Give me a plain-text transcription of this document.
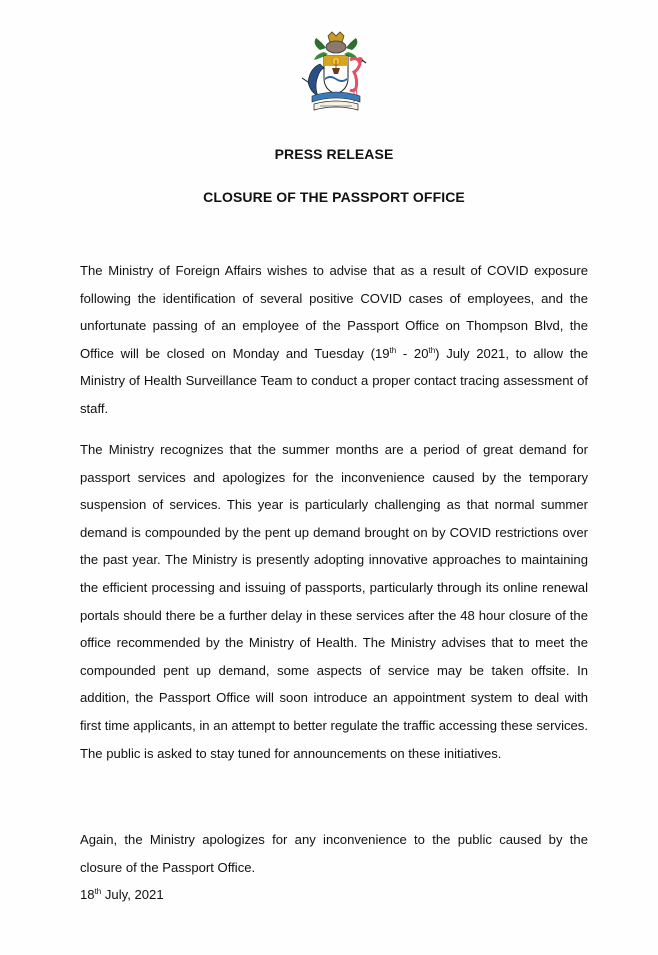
PRESS RELEASE
CLOSURE OF THE PASSPORT OFFICE

The Ministry of Foreign Affairs wishes to advise that as a result of COVID exposure following the identification of several positive COVID cases of employees, and the unfortunate passing of an employee of the Passport Office on Thompson Blvd, the Office will be closed on Monday and Tuesday (19th - 20th) July 2021, to allow the Ministry of Health Surveillance Team to conduct a proper contact tracing assessment of staff.

The Ministry recognizes that the summer months are a period of great demand for passport services and apologizes for the inconvenience caused by the temporary suspension of services. This year is particularly challenging as that normal summer demand is compounded by the pent up demand brought on by COVID restrictions over the past year. The Ministry is presently adopting innovative approaches to maintaining the efficient processing and issuing of passports, particularly through its online renewal portals should there be a further delay in these services after the 48 hour closure of the office recommended by the Ministry of Health. The Ministry advises that to meet the compounded pent up demand, some aspects of service may be taken offsite. In addition, the Passport Office will soon introduce an appointment system to deal with first time applicants, in an attempt to better regulate the traffic accessing these services. The public is asked to stay tuned for announcements on these initiatives.

Again, the Ministry apologizes for any inconvenience to the public caused by the closure of the Passport Office.

18th July, 2021
